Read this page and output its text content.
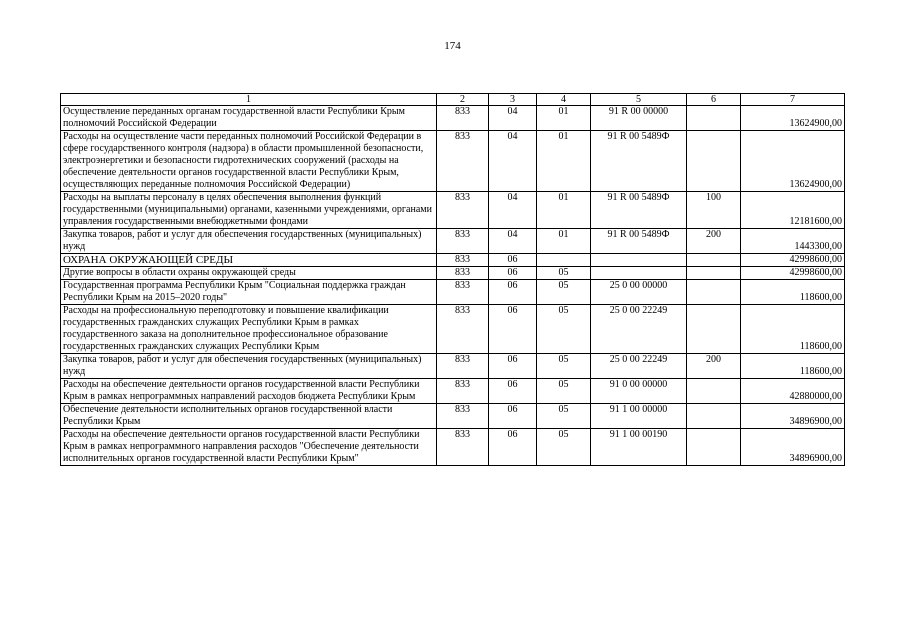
174
1	2	3	4	5	6	7
Осуществление переданных органам государственной власти Республики Крым полномочий Российской Федерации	833	04	01	91 R 00 00000		13624900,00
Расходы на осуществление части переданных полномочий Российской Федерации в сфере государственного контроля (надзора) в области промышленной безопасности, электроэнергетики и безопасности гидротехнических сооружений (расходы на обеспечение деятельности органов государственной власти Республики Крым, осуществляющих переданные полномочия Российской Федерации)	833	04	01	91 R 00 5489Ф		13624900,00
Расходы на выплаты персоналу в целях обеспечения выполнения функций государственными (муниципальными) органами, казенными учреждениями, органами управления государственными внебюджетными фондами	833	04	01	91 R 00 5489Ф	100	12181600,00
Закупка товаров, работ и услуг для обеспечения государственных (муниципальных) нужд	833	04	01	91 R 00 5489Ф	200	1443300,00
ОХРАНА ОКРУЖАЮЩЕЙ СРЕДЫ	833	06				42998600,00
Другие вопросы в области охраны окружающей среды	833	06	05			42998600,00
Государственная программа Республики Крым "Социальная поддержка граждан Республики Крым на 2015–2020 годы"	833	06	05	25 0 00 00000		118600,00
Расходы на профессиональную переподготовку и повышение квалификации государственных гражданских служащих Республики Крым в рамках государственного заказа на дополнительное профессиональное образование государственных гражданских служащих Республики Крым	833	06	05	25 0 00 22249		118600,00
Закупка товаров, работ и услуг для обеспечения государственных (муниципальных) нужд	833	06	05	25 0 00 22249	200	118600,00
Расходы на обеспечение деятельности органов государственной власти Республики Крым в рамках непрограммных направлений расходов бюджета Республики Крым	833	06	05	91 0 00 00000		42880000,00
Обеспечение деятельности исполнительных органов государственной власти Республики Крым	833	06	05	91 1 00 00000		34896900,00
Расходы на обеспечение деятельности органов государственной власти Республики Крым в рамках непрограммного направления расходов "Обеспечение деятельности исполнительных органов государственной власти Республики Крым"	833	06	05	91 1 00 00190		34896900,00
